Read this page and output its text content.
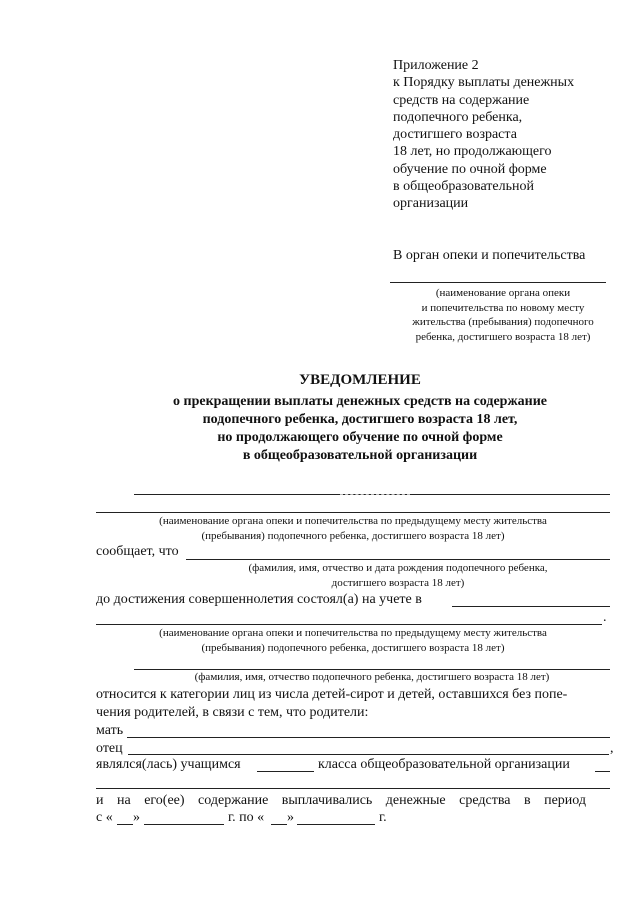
Приложение 2
к Порядку выплаты денежных
средств на содержание
подопечного ребенка,
достигшего возраста
18 лет, но продолжающего
обучение по очной форме
в общеобразовательной
организации
В орган опеки и попечительства
(наименование органа опеки
и попечительства по новому месту
жительства (пребывания) подопечного
ребенка, достигшего возраста 18 лет)
УВЕДОМЛЕНИЕ
о прекращении выплаты денежных средств на содержание
подопечного ребенка, достигшего возраста 18 лет,
но продолжающего обучение по очной форме
в общеобразовательной организации
(наименование органа опеки и попечительства по предыдущему месту жительства
(пребывания) подопечного ребенка, достигшего возраста 18 лет)
сообщает, что
(фамилия, имя, отчество и дата рождения подопечного ребенка,
достигшего возраста 18 лет)
до достижения совершеннолетия состоял(а) на учете в
.
(наименование органа опеки и попечительства по предыдущему месту жительства
(пребывания) подопечного ребенка, достигшего возраста 18 лет)
(фамилия, имя, отчество подопечного ребенка, достигшего возраста 18 лет)
относится к категории лиц из числа детей-сирот и детей, оставшихся без попе-
чения родителей, в связи с тем, что родители:
мать
отец	,
являлся(лась) учащимся	класса общеобразовательной организации
и на его(ее) содержание выплачивались денежные средства в период
с « »	г. по « »	г.
